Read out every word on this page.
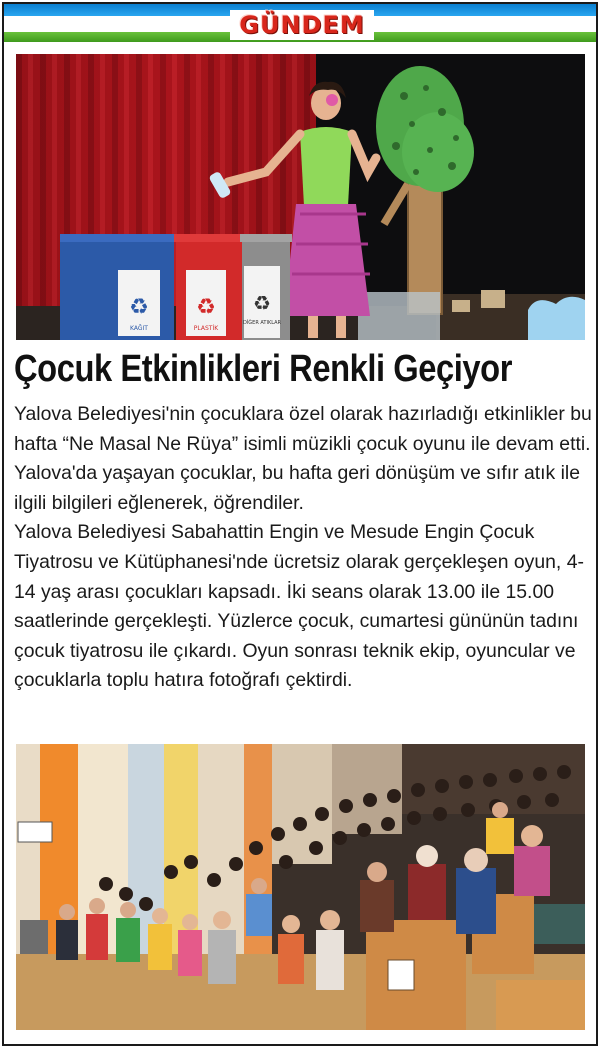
GÜNDEM
♻ ♻ ♻
KAĞIT	PLASTİK
DİĞER ATIKLAR
Çocuk Etkinlikleri Renkli Geçiyor

Yalova Belediyesi'nin çocuklara özel olarak hazırladığı etkinlikler bu hafta “Ne Masal Ne Rüya” isimli müzikli çocuk oyunu ile devam etti. Yalova'da yaşayan çocuklar, bu hafta geri dönüşüm ve sıfır atık ile ilgili bilgileri eğlenerek, öğrendiler.

Yalova Belediyesi Sabahattin Engin ve Mesude Engin Çocuk Tiyatrosu ve Kütüphanesi'nde ücretsiz olarak gerçekleşen oyun, 4-14 yaş arası çocukları kapsadı. İki seans olarak 13.00 ile 15.00 saatlerinde gerçekleşti. Yüzlerce çocuk, cumartesi gününün tadını çocuk tiyatrosu ile çıkardı. Oyun sonrası teknik ekip, oyuncular ve çocuklarla toplu hatıra fotoğrafı çektirdi.
